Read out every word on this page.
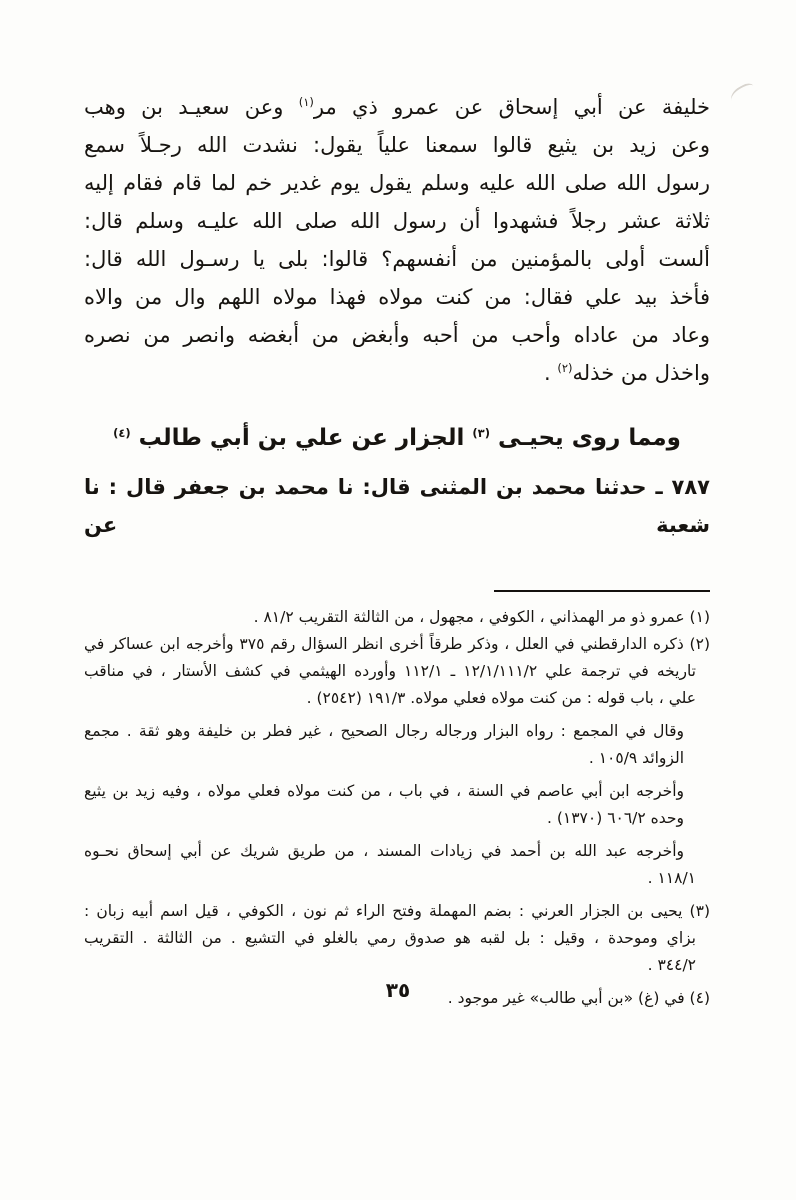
خليفة عن أبي إسحاق عن عمرو ذي مر$^{(١)}$ وعن سعيـد بن وهب
وعن زيد بن يثيع قالوا سمعنا علياً يقول: نشدت الله رجـلاً سمع
رسول الله صلى الله عليه وسلم يقول يوم غدير خم لما قام فقام إليه
ثلاثة عشر رجلاً فشهدوا أن رسول الله صلى الله عليـه وسلم قال:
ألست أولى بالمؤمنين من أنفسهم؟ قالوا: بلى يا رسـول الله قال:
فأخذ بيد علي فقال: من كنت مولاه فهذا مولاه اللهم وال من والاه
وعاد من عاداه وأحب من أحبه وأبغض من أبغضه وانصر من نصره
واخذل من خذله$^{(٢)}$ .
ومما روى يحيـى $^{(٣)}$ الجزار عن علي بن أبي طالب $^{(٤)}$
٧٨٧ ـ حدثنا محمد بن المثنى قال: نا محمد بن جعفر قال : نا شعبة عن
(١) عمرو ذو مر الهمذاني ، الكوفي ، مجهول ، من الثالثة التقريب ٨١/٢ .
(٢) ذكره الدارقطني في العلل ، وذكر طرقاً أخرى انظر السؤال رقم ٣٧٥ وأخرجه ابن عساكر في
تاريخه في ترجمة علي ١٢/١/١١١/٢ ـ ١١٢/١ وأورده الهيثمي في كشف الأستار ، في مناقب
علي ، باب قوله : من كنت مولاه فعلي مولاه. ١٩١/٣ (٢٥٤٢) .
وقال في المجمع : رواه البزار ورجاله رجال الصحيح ، غير فطر بن خليفة وهو ثقة . مجمع
الزوائد ١٠٥/٩ .
وأخرجه ابن أبي عاصم في السنة ، في باب ، من كنت مولاه فعلي مولاه ، وفيه زيد بن يثيع
وحده ٦٠٦/٢ (١٣٧٠) .
وأخرجه عبد الله بن أحمد في زيادات المسند ، من طريق شريك عن أبي إسحاق نحـوه
١١٨/١ .
(٣) يحيى بن الجزار العرني : بضم المهملة وفتح الراء ثم نون ، الكوفي ، قيل اسم أبيه زبان :
بزاي وموحدة ، وقيل : بل لقبه هو صدوق رمي بالغلو في التشيع . من الثالثة . التقريب
٣٤٤/٢ .
(٤) في (غ) «بن أبي طالب» غير موجود .
٣٥
